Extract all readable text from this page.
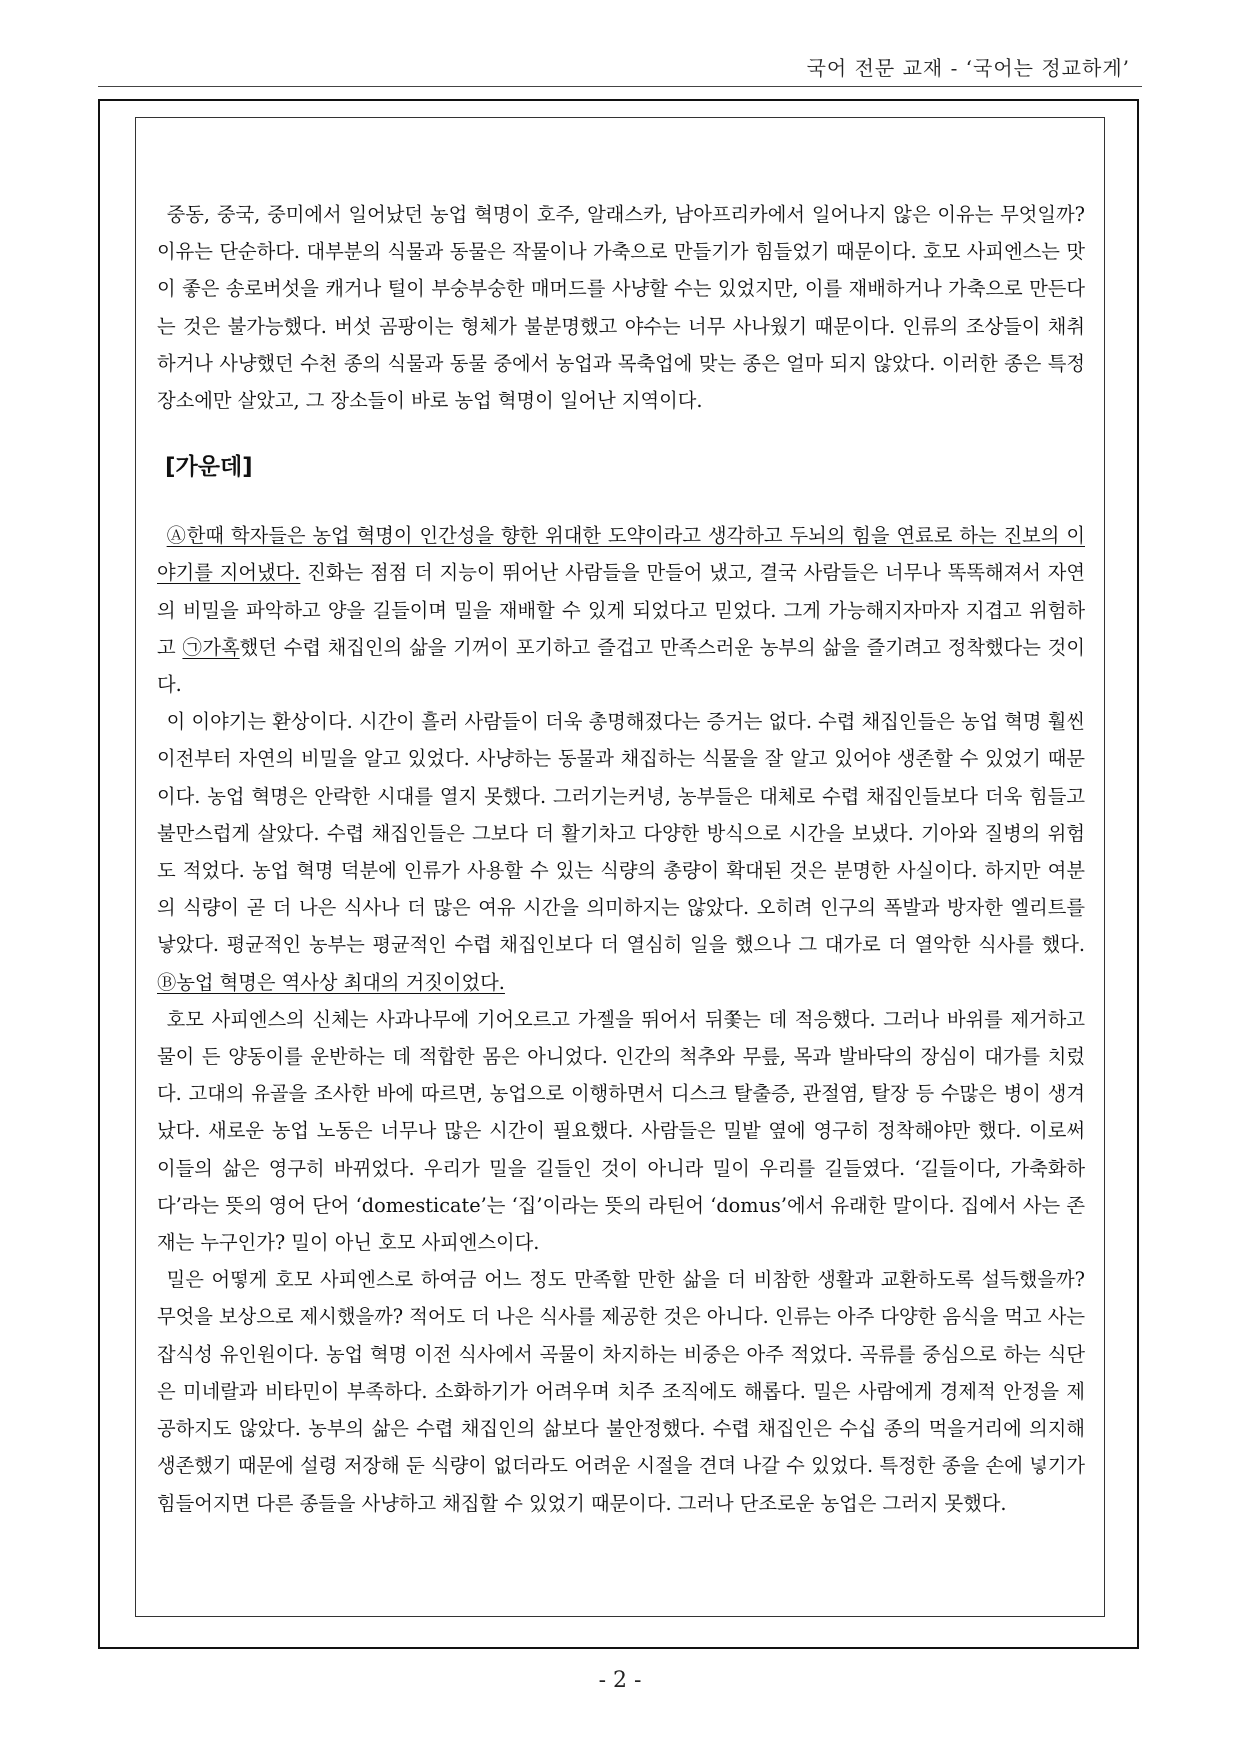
국어 전문 교재 - ‘국어는 정교하게’

중동, 중국, 중미에서 일어났던 농업 혁명이 호주, 알래스카, 남아프리카에서 일어나지 않은 이유는 무엇일까? 이유는 단순하다. 대부분의 식물과 동물은 작물이나 가축으로 만들기가 힘들었기 때문이다. 호모 사피엔스는 맛이 좋은 송로버섯을 캐거나 털이 부숭부숭한 매머드를 사냥할 수는 있었지만, 이를 재배하거나 가축으로 만든다는 것은 불가능했다. 버섯 곰팡이는 형체가 불분명했고 야수는 너무 사나웠기 때문이다. 인류의 조상들이 채취하거나 사냥했던 수천 종의 식물과 동물 중에서 농업과 목축업에 맞는 종은 얼마 되지 않았다. 이러한 종은 특정 장소에만 살았고, 그 장소들이 바로 농업 혁명이 일어난 지역이다.

[가운데]

Ⓐ한때 학자들은 농업 혁명이 인간성을 향한 위대한 도약이라고 생각하고 두뇌의 힘을 연료로 하는 진보의 이야기를 지어냈다. 진화는 점점 더 지능이 뛰어난 사람들을 만들어 냈고, 결국 사람들은 너무나 똑똑해져서 자연의 비밀을 파악하고 양을 길들이며 밀을 재배할 수 있게 되었다고 믿었다. 그게 가능해지자마자 지겹고 위험하고 ㉠가혹했던 수렵 채집인의 삶을 기꺼이 포기하고 즐겁고 만족스러운 농부의 삶을 즐기려고 정착했다는 것이다.

이 이야기는 환상이다. 시간이 흘러 사람들이 더욱 총명해졌다는 증거는 없다. 수렵 채집인들은 농업 혁명 훨씬 이전부터 자연의 비밀을 알고 있었다. 사냥하는 동물과 채집하는 식물을 잘 알고 있어야 생존할 수 있었기 때문이다. 농업 혁명은 안락한 시대를 열지 못했다. 그러기는커녕, 농부들은 대체로 수렵 채집인들보다 더욱 힘들고 불만스럽게 살았다. 수렵 채집인들은 그보다 더 활기차고 다양한 방식으로 시간을 보냈다. 기아와 질병의 위험도 적었다. 농업 혁명 덕분에 인류가 사용할 수 있는 식량의 총량이 확대된 것은 분명한 사실이다. 하지만 여분의 식량이 곧 더 나은 식사나 더 많은 여유 시간을 의미하지는 않았다. 오히려 인구의 폭발과 방자한 엘리트를 낳았다. 평균적인 농부는 평균적인 수렵 채집인보다 더 열심히 일을 했으나 그 대가로 더 열악한 식사를 했다. Ⓑ농업 혁명은 역사상 최대의 거짓이었다.

호모 사피엔스의 신체는 사과나무에 기어오르고 가젤을 뛰어서 뒤쫓는 데 적응했다. 그러나 바위를 제거하고 물이 든 양동이를 운반하는 데 적합한 몸은 아니었다. 인간의 척추와 무릎, 목과 발바닥의 장심이 대가를 치렀다. 고대의 유골을 조사한 바에 따르면, 농업으로 이행하면서 디스크 탈출증, 관절염, 탈장 등 수많은 병이 생겨났다. 새로운 농업 노동은 너무나 많은 시간이 필요했다. 사람들은 밀밭 옆에 영구히 정착해야만 했다. 이로써 이들의 삶은 영구히 바뀌었다. 우리가 밀을 길들인 것이 아니라 밀이 우리를 길들였다. ‘길들이다, 가축화하다’라는 뜻의 영어 단어 ‘domesticate’는 ‘집’이라는 뜻의 라틴어 ‘domus’에서 유래한 말이다. 집에서 사는 존재는 누구인가? 밀이 아닌 호모 사피엔스이다.

밀은 어떻게 호모 사피엔스로 하여금 어느 정도 만족할 만한 삶을 더 비참한 생활과 교환하도록 설득했을까? 무엇을 보상으로 제시했을까? 적어도 더 나은 식사를 제공한 것은 아니다. 인류는 아주 다양한 음식을 먹고 사는 잡식성 유인원이다. 농업 혁명 이전 식사에서 곡물이 차지하는 비중은 아주 적었다. 곡류를 중심으로 하는 식단은 미네랄과 비타민이 부족하다. 소화하기가 어려우며 치주 조직에도 해롭다. 밀은 사람에게 경제적 안정을 제공하지도 않았다. 농부의 삶은 수렵 채집인의 삶보다 불안정했다. 수렵 채집인은 수십 종의 먹을거리에 의지해 생존했기 때문에 설령 저장해 둔 식량이 없더라도 어려운 시절을 견뎌 나갈 수 있었다. 특정한 종을 손에 넣기가 힘들어지면 다른 종들을 사냥하고 채집할 수 있었기 때문이다. 그러나 단조로운 농업은 그러지 못했다.

- 2 -
